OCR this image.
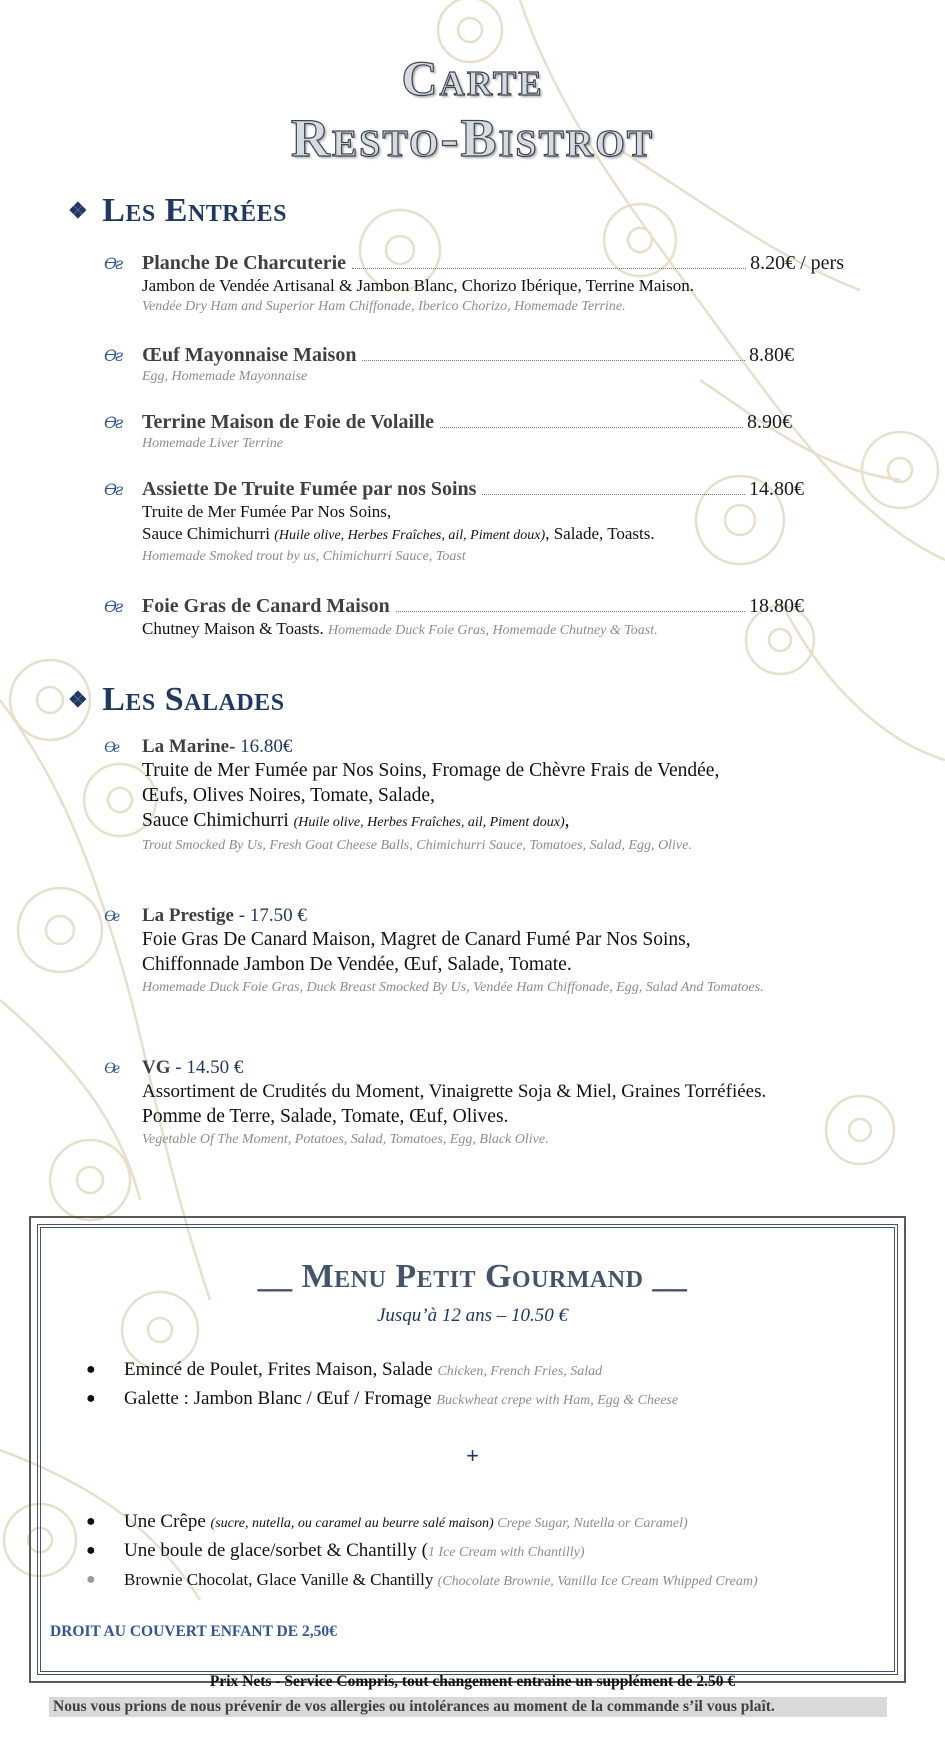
Carte
Resto-Bistrot
❖ Les Entrées
ϴƨ	Planche De Charcuterie	8.20€ / pers
Jambon de Vendée Artisanal & Jambon Blanc, Chorizo Ibérique, Terrine Maison.
Vendée Dry Ham and Superior Ham Chiffonade, Iberico Chorizo, Homemade Terrine.
ϴƨ	Œuf Mayonnaise Maison	8.80€
Egg, Homemade Mayonnaise
ϴƨ	Terrine Maison de Foie de Volaille	8.90€
Homemade Liver Terrine
ϴƨ	Assiette De Truite Fumée par nos Soins	14.80€
Truite de Mer Fumée Par Nos Soins,
Sauce Chimichurri (Huile olive, Herbes Fraîches, ail, Piment doux), Salade, Toasts.
Homemade Smoked trout by us, Chimichurri Sauce, Toast
ϴƨ	Foie Gras de Canard Maison	18.80€
Chutney Maison & Toasts. Homemade Duck Foie Gras, Homemade Chutney & Toast.
❖ Les Salades
ϴƨ La Marine- 16.80€
Truite de Mer Fumée par Nos Soins, Fromage de Chèvre Frais de Vendée,
Œufs, Olives Noires, Tomate, Salade,
Sauce Chimichurri (Huile olive, Herbes Fraîches, ail, Piment doux),
Trout Smocked By Us, Fresh Goat Cheese Balls, Chimichurri Sauce, Tomatoes, Salad, Egg, Olive.
ϴƨ La Prestige - 17.50 €
Foie Gras De Canard Maison, Magret de Canard Fumé Par Nos Soins,
Chiffonnade Jambon De Vendée, Œuf, Salade, Tomate.
Homemade Duck Foie Gras, Duck Breast Smocked By Us, Vendée Ham Chiffonade, Egg, Salad And Tomatoes.
ϴƨ VG - 14.50 €
Assortiment de Crudités du Moment, Vinaigrette Soja & Miel, Graines Torréfiées.
Pomme de Terre, Salade, Tomate, Œuf, Olives.
Vegetable Of The Moment, Potatoes, Salad, Tomatoes, Egg, Black Olive.
__ Menu Petit Gourmand __
Jusqu’à 12 ans – 10.50 €
● Emincé de Poulet, Frites Maison, Salade Chicken, French Fries, Salad
● Galette : Jambon Blanc / Œuf / Fromage Buckwheat crepe with Ham, Egg & Cheese
+
● Une Crêpe (sucre, nutella, ou caramel au beurre salé maison) Crepe Sugar, Nutella or Caramel)
● Une boule de glace/sorbet & Chantilly (1 Ice Cream with Chantilly)
● Brownie Chocolat, Glace Vanille & Chantilly (Chocolate Brownie, Vanilla Ice Cream Whipped Cream)
DROIT AU COUVERT ENFANT DE 2,50€
Prix Nets - Service Compris, tout changement entraine un supplément de 2.50 €
Nous vous prions de nous prévenir de vos allergies ou intolérances au moment de la commande s’il vous plaît.
